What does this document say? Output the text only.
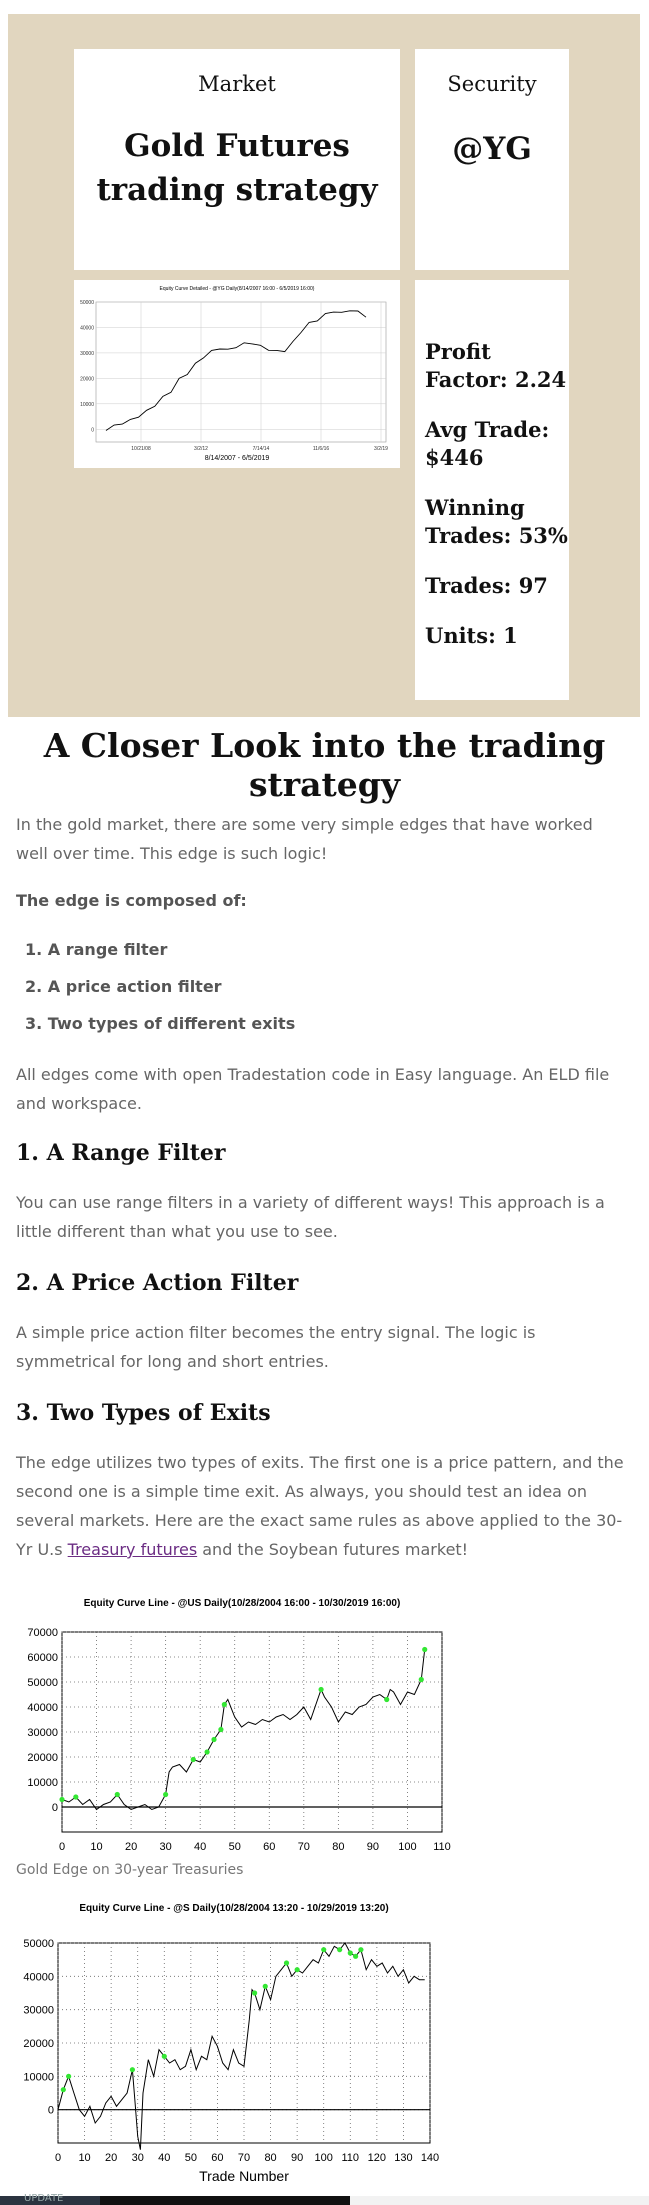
Market
Gold Futures trading strategy
Security
@YG
Equity Curve Detailed - @YG Daily(8/14/2007 16:00 - 6/5/2019 16:00)
0
10000
20000
30000
40000
50000
10/21/08	3/2/12	7/14/14	11/6/16	3/2/19
8/14/2007 - 6/5/2019
Profit Factor: 2.24
Avg Trade: $446
Winning Trades: 53%
Trades: 97
Units: 1
A Closer Look into the trading strategy

In the gold market, there are some very simple edges that have worked well over time. This edge is such logic!

The edge is composed of:

1. A range filter
2. A price action filter
3. Two types of different exits

All edges come with open Tradestation code in Easy language. An ELD file and workspace.

1. A Range Filter

You can use range filters in a variety of different ways! This approach is a little different than what you use to see.

2. A Price Action Filter

A simple price action filter becomes the entry signal. The logic is symmetrical for long and short entries.

3. Two Types of Exits

The edge utilizes two types of exits. The first one is a price pattern, and the second one is a simple time exit. As always, you should test an idea on several markets. Here are the exact same rules as above applied to the 30-Yr U.s Treasury futures and the Soybean futures market!

Equity Curve Line - @US Daily(10/28/2004 16:00 - 10/30/2019 16:00)
0
10000
20000
30000
40000
50000
60000
70000
0 10 20 30 40 50 60 70 80 90 100 110
Gold Edge on 30-year Treasuries
Equity Curve Line - @S Daily(10/28/2004 13:20 - 10/29/2019 13:20)
0
10000
20000
30000
40000
50000
0 10 20 30 40 50 60 70 80 90 100 110 120 130 140
Trade Number
UPDATE
